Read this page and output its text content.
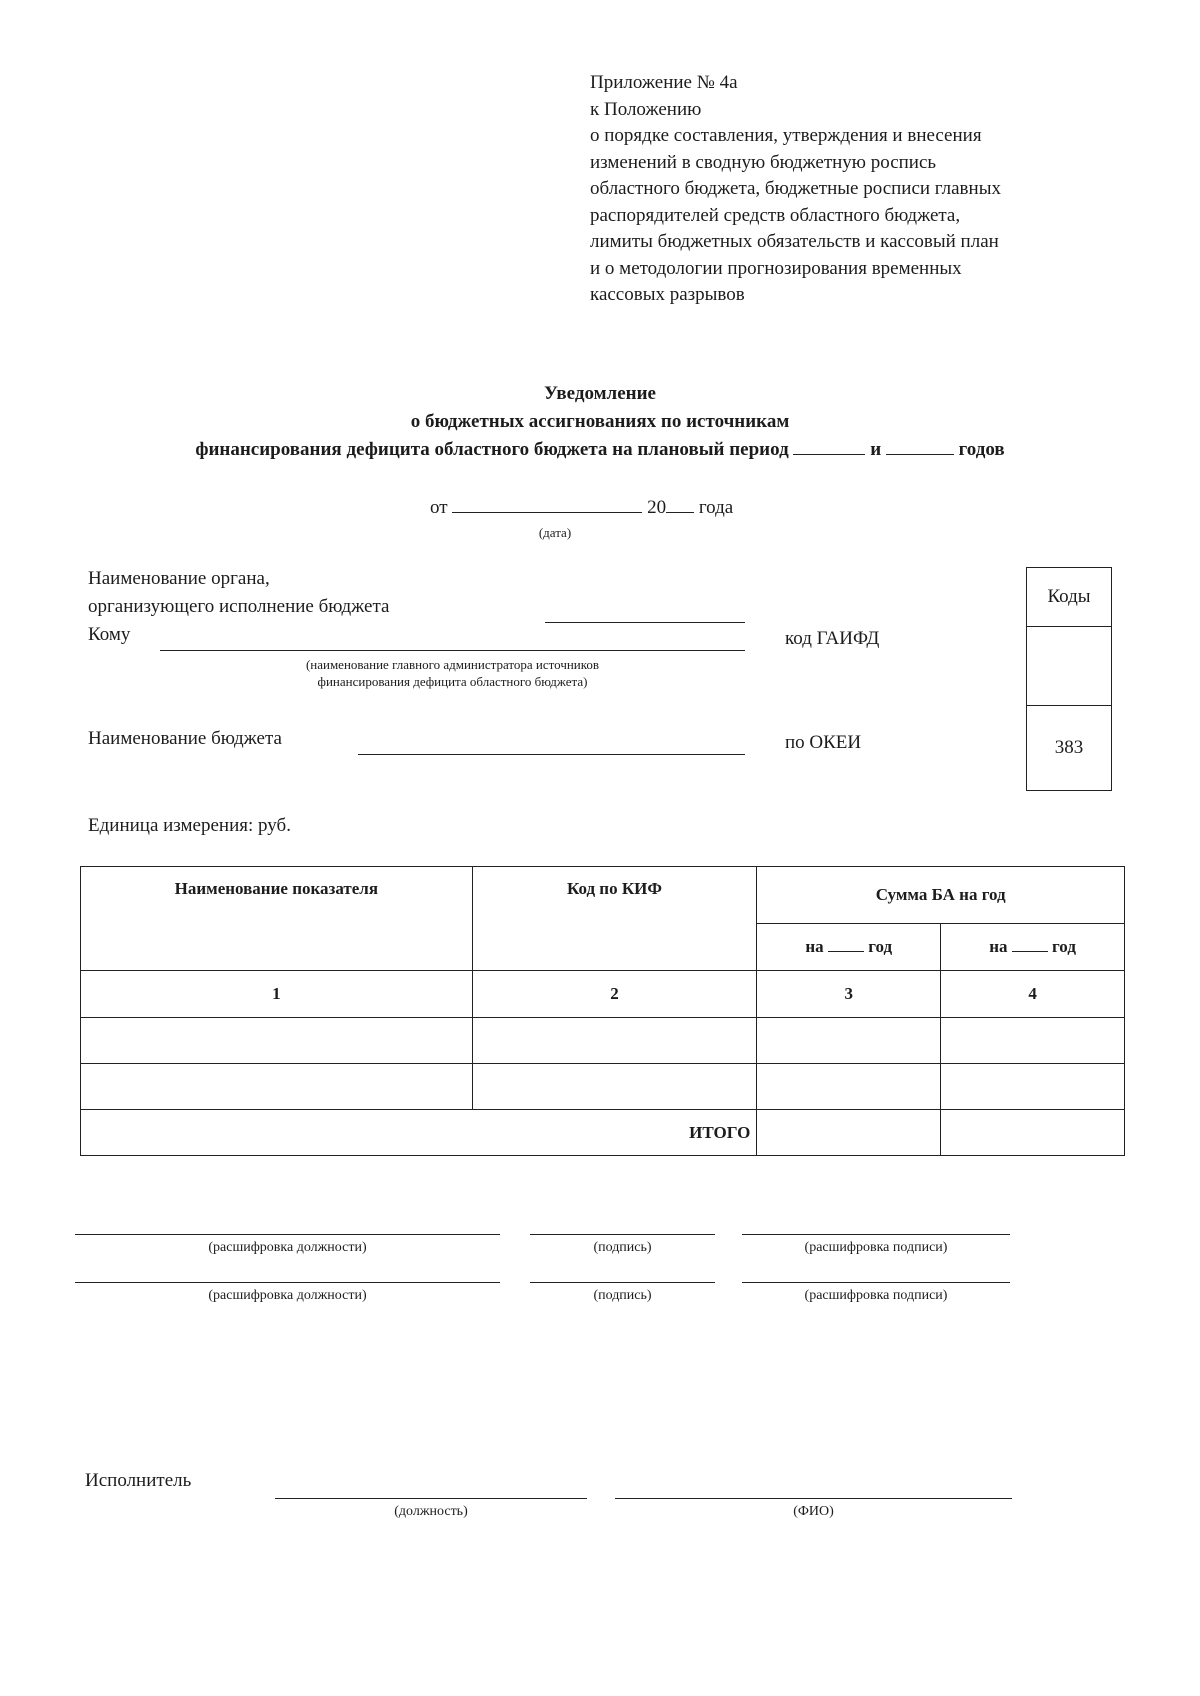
Приложение № 4а
к Положению
о порядке составления, утверждения и внесения
изменений в сводную бюджетную роспись
областного бюджета, бюджетные росписи главных
распорядителей средств областного бюджета,
лимиты бюджетных обязательств и кассовый план
и о методологии прогнозирования временных
кассовых разрывов
Уведомление
о бюджетных ассигнованиях по источникам
финансирования дефицита областного бюджета на плановый период	и	годов
от	20 года
(дата)
Наименование органа,
организующего исполнение бюджета
Кому
(наименование главного администратора источников
финансирования дефицита областного бюджета)
код ГАИФД
Наименование бюджета	по ОКЕИ
Коды
383
Единица измерения: руб.
Наименование показателя	Код по КИФ	Сумма БА на год	
		на год	на год
1	2	3	4

ИТОГО			
(расшифровка должности)	(подпись)	(расшифровка подписи)
(расшифровка должности)	(подпись)	(расшифровка подписи)
Исполнитель
(должность)	(ФИО)
